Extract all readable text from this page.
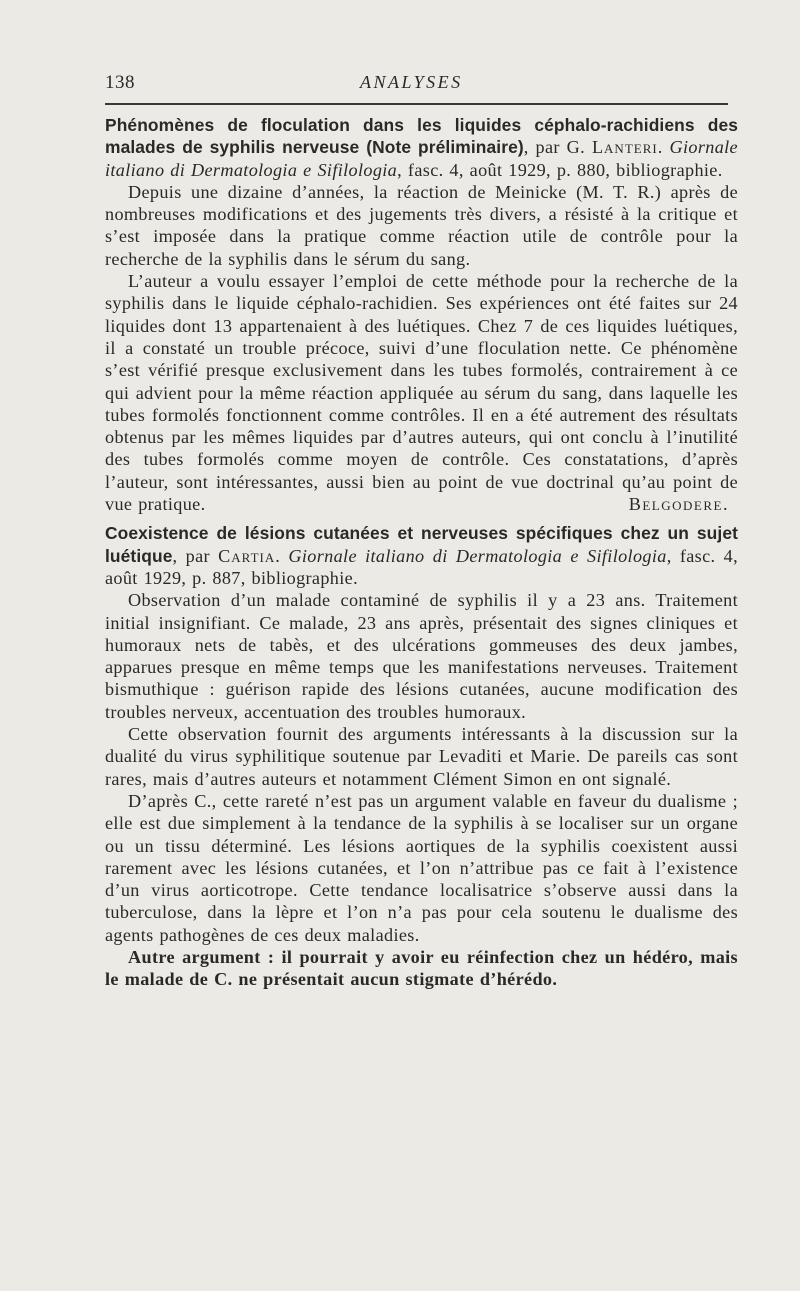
138	ANALYSES

Phénomènes de floculation dans les liquides céphalo-rachidiens des malades de syphilis nerveuse (Note préliminaire), par G. Lanteri. Giornale italiano di Dermatologia e Sifilologia, fasc. 4, août 1929, p. 880, bibliographie.

Depuis une dizaine d’années, la réaction de Meinicke (M. T. R.) après de nombreuses modifications et des jugements très divers, a résisté à la critique et s’est imposée dans la pratique comme réaction utile de contrôle pour la recherche de la syphilis dans le sérum du sang.

L’auteur a voulu essayer l’emploi de cette méthode pour la recherche de la syphilis dans le liquide céphalo-rachidien. Ses expériences ont été faites sur 24 liquides dont 13 appartenaient à des luétiques. Chez 7 de ces liquides luétiques, il a constaté un trouble précoce, suivi d’une floculation nette. Ce phénomène s’est vérifié presque exclusivement dans les tubes formolés, contrairement à ce qui advient pour la même réaction appliquée au sérum du sang, dans laquelle les tubes formolés fonctionnent comme contrôles. Il en a été autrement des résultats obtenus par les mêmes liquides par d’autres auteurs, qui ont conclu à l’inutilité des tubes formolés comme moyen de contrôle. Ces constatations, d’après l’auteur, sont intéressantes, aussi bien au point de vue doctrinal qu’au point de vue pratique.	Belgodere.

Coexistence de lésions cutanées et nerveuses spécifiques chez un sujet luétique, par Cartia. Giornale italiano di Dermatologia e Sifilologia, fasc. 4, août 1929, p. 887, bibliographie.

Observation d’un malade contaminé de syphilis il y a 23 ans. Traitement initial insignifiant. Ce malade, 23 ans après, présentait des signes cliniques et humoraux nets de tabès, et des ulcérations gommeuses des deux jambes, apparues presque en même temps que les manifestations nerveuses. Traitement bismuthique : guérison rapide des lésions cutanées, aucune modification des troubles nerveux, accentuation des troubles humoraux.

Cette observation fournit des arguments intéressants à la discussion sur la dualité du virus syphilitique soutenue par Levaditi et Marie. De pareils cas sont rares, mais d’autres auteurs et notamment Clément Simon en ont signalé.

D’après C., cette rareté n’est pas un argument valable en faveur du dualisme ; elle est due simplement à la tendance de la syphilis à se localiser sur un organe ou un tissu déterminé. Les lésions aortiques de la syphilis coexistent aussi rarement avec les lésions cutanées, et l’on n’attribue pas ce fait à l’existence d’un virus aorticotrope. Cette tendance localisatrice s’observe aussi dans la tuberculose, dans la lèpre et l’on n’a pas pour cela soutenu le dualisme des agents pathogènes de ces deux maladies.

Autre argument : il pourrait y avoir eu réinfection chez un hédéro, mais le malade de C. ne présentait aucun stigmate d’hérédo.
